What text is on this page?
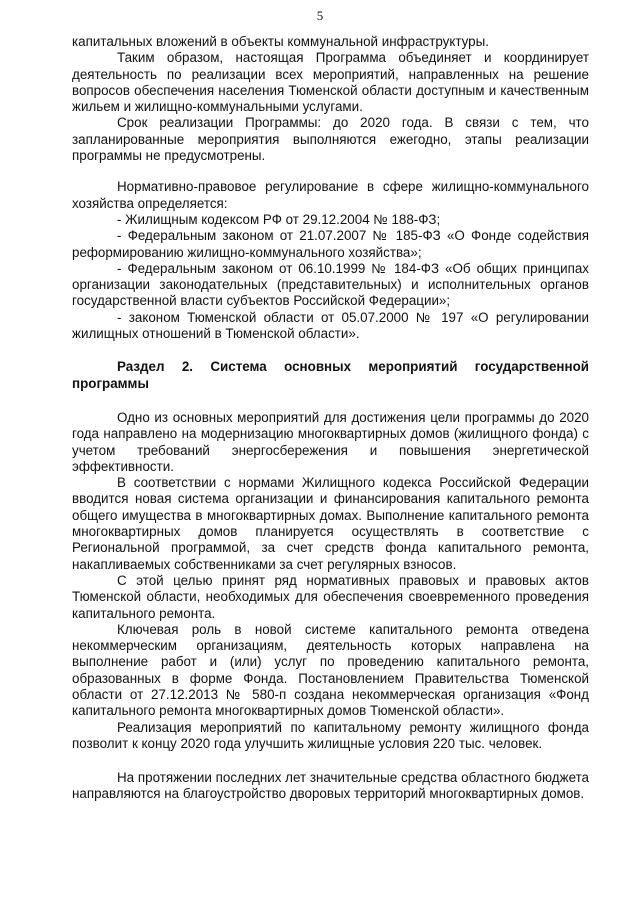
5

капитальных вложений в объекты коммунальной инфраструктуры.

Таким образом, настоящая Программа объединяет и координирует деятельность по реализации всех мероприятий, направленных на решение вопросов обеспечения населения Тюменской области доступным и качественным жильем и жилищно-коммунальными услугами.

Срок реализации Программы: до 2020 года. В связи с тем, что запланированные мероприятия выполняются ежегодно, этапы реализации программы не предусмотрены.

Нормативно-правовое регулирование в сфере жилищно-коммунального хозяйства определяется:

- Жилищным кодексом РФ от 29.12.2004 № 188-ФЗ;

- Федеральным законом от 21.07.2007 № 185-ФЗ «О Фонде содействия реформированию жилищно-коммунального хозяйства»;

- Федеральным законом от 06.10.1999 № 184-ФЗ «Об общих принципах организации законодательных (представительных) и исполнительных органов государственной власти субъектов Российской Федерации»;

- законом Тюменской области от 05.07.2000 № 197 «О регулировании жилищных отношений в Тюменской области».

Раздел 2. Система основных мероприятий государственной программы

Одно из основных мероприятий для достижения цели программы до 2020 года направлено на модернизацию многоквартирных домов (жилищного фонда) с учетом требований энергосбережения и повышения энергетической эффективности.

В соответствии с нормами Жилищного кодекса Российской Федерации вводится новая система организации и финансирования капитального ремонта общего имущества в многоквартирных домах. Выполнение капитального ремонта многоквартирных домов планируется осуществлять в соответствие с Региональной программой, за счет средств фонда капитального ремонта, накапливаемых собственниками за счет регулярных взносов.

С этой целью принят ряд нормативных правовых и правовых актов Тюменской области, необходимых для обеспечения своевременного проведения капитального ремонта.

Ключевая роль в новой системе капитального ремонта отведена некоммерческим организациям, деятельность которых направлена на выполнение работ и (или) услуг по проведению капитального ремонта, образованных в форме Фонда. Постановлением Правительства Тюменской области от 27.12.2013 № 580-п создана некоммерческая организация «Фонд капитального ремонта многоквартирных домов Тюменской области».

Реализация мероприятий по капитальному ремонту жилищного фонда позволит к концу 2020 года улучшить жилищные условия 220 тыс. человек.

На протяжении последних лет значительные средства областного бюджета направляются на благоустройство дворовых территорий многоквартирных домов.
